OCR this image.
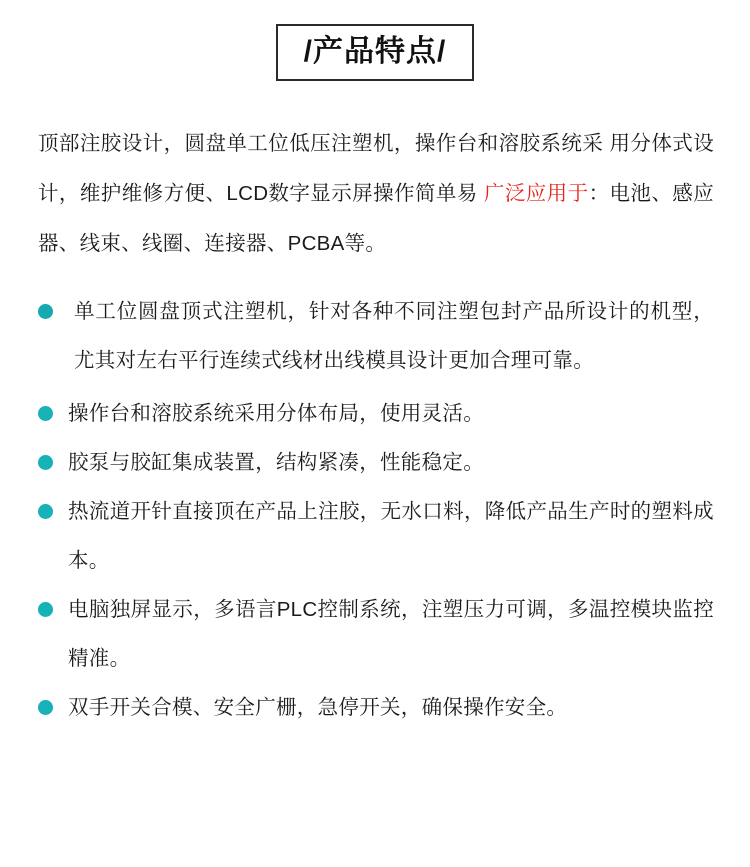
/产品特点/
顶部注胶设计，圆盘单工位低压注塑机，操作台和溶胶系统采 用分体式设计，维护维修方便、LCD数字显示屏操作简单易 广泛应用于：电池、感应器、线束、线圈、连接器、PCBA等。
单工位圆盘顶式注塑机，针对各种不同注塑包封产品所设计的机型，尤其对左右平行连续式线材出线模具设计更加合理可靠。
操作台和溶胶系统采用分体布局，使用灵活。
胶泵与胶缸集成装置，结构紧凑，性能稳定。
热流道开针直接顶在产品上注胶，无水口料，降低产品生产时的塑料成本。
电脑独屏显示，多语言PLC控制系统，注塑压力可调，多温控模块监控精准。
双手开关合模、安全广栅，急停开关，确保操作安全。
